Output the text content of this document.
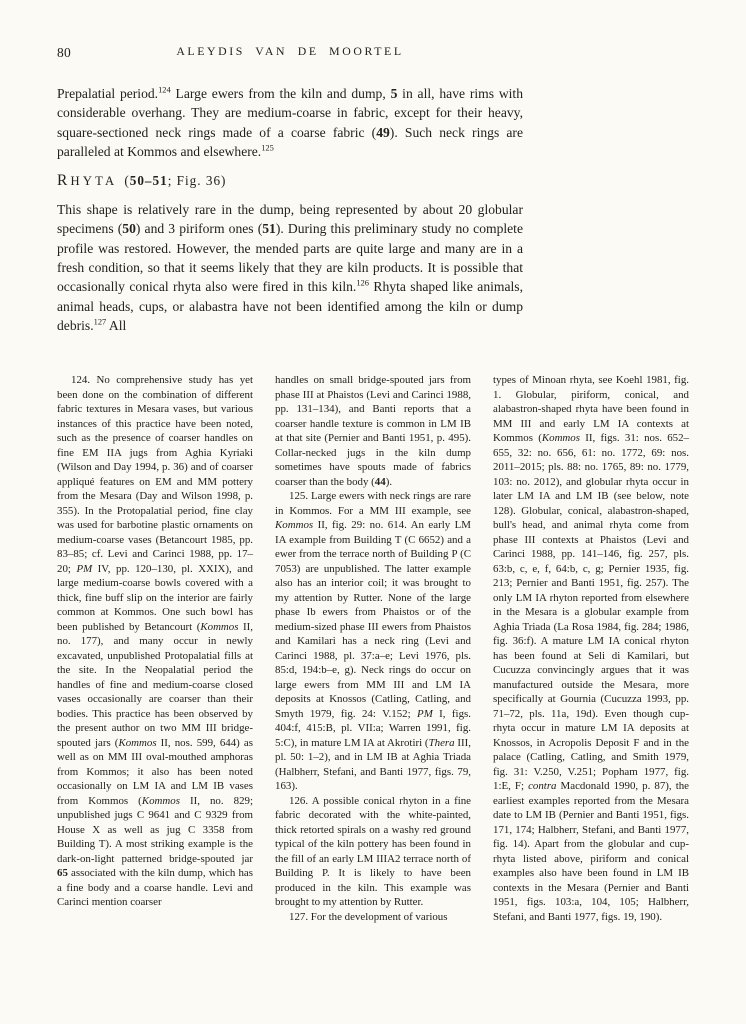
80	ALEYDIS VAN DE MOORTEL

Prepalatial period.$^{124}$ Large ewers from the kiln and dump, 5 in all, have rims with considerable overhang. They are medium-coarse in fabric, except for their heavy, square-sectioned neck rings made of a coarse fabric (49). Such neck rings are paralleled at Kommos and elsewhere.$^{125}$

RHYTA (50–51; Fig. 36)

This shape is relatively rare in the dump, being represented by about 20 globular specimens (50) and 3 piriform ones (51). During this preliminary study no complete profile was restored. However, the mended parts are quite large and many are in a fresh condition, so that it seems likely that they are kiln products. It is possible that occasionally conical rhyta also were fired in this kiln.$^{126}$ Rhyta shaped like animals, animal heads, cups, or alabastra have not been identified among the kiln or dump debris.$^{127}$ All

124. No comprehensive study has yet been done on the combination of different fabric textures in Mesara vases, but various instances of this practice have been noted, such as the presence of coarser handles on fine EM IIA jugs from Aghia Kyriaki (Wilson and Day 1994, p. 36) and of coarser appliqué features on EM and MM pottery from the Mesara (Day and Wilson 1998, p. 355). In the Protopalatial period, fine clay was used for barbotine plastic ornaments on medium-coarse vases (Betancourt 1985, pp. 83–85; cf. Levi and Carinci 1988, pp. 17–20; PM IV, pp. 120–130, pl. XXIX), and large medium-coarse bowls covered with a thick, fine buff slip on the interior are fairly common at Kommos. One such bowl has been published by Betancourt (Kommos II, no. 177), and many occur in newly excavated, unpublished Protopalatial fills at the site. In the Neopalatial period the handles of fine and medium-coarse closed vases occasionally are coarser than their bodies. This practice has been observed by the present author on two MM III bridge-spouted jars (Kommos II, nos. 599, 644) as well as on MM III oval-mouthed amphoras from Kommos; it also has been noted occasionally on LM IA and LM IB vases from Kommos (Kommos II, no. 829; unpublished jugs C 9641 and C 9329 from House X as well as jug C 3358 from Building T). A most striking example is the dark-on-light patterned bridge-spouted jar 65 associated with the kiln dump, which has a fine body and a coarse handle. Levi and Carinci mention coarser

handles on small bridge-spouted jars from phase III at Phaistos (Levi and Carinci 1988, pp. 131–134), and Banti reports that a coarser handle texture is common in LM IB at that site (Pernier and Banti 1951, p. 495). Collar-necked jugs in the kiln dump sometimes have spouts made of fabrics coarser than the body (44).

125. Large ewers with neck rings are rare in Kommos. For a MM III example, see Kommos II, fig. 29: no. 614. An early LM IA example from Building T (C 6652) and a ewer from the terrace north of Building P (C 7053) are unpublished. The latter example also has an interior coil; it was brought to my attention by Rutter. None of the large phase Ib ewers from Phaistos or of the medium-sized phase III ewers from Phaistos and Kamilari has a neck ring (Levi and Carinci 1988, pl. 37:a–e; Levi 1976, pls. 85:d, 194:b–e, g). Neck rings do occur on large ewers from MM III and LM IA deposits at Knossos (Catling, Catling, and Smyth 1979, fig. 24: V.152; PM I, figs. 404:f, 415:B, pl. VII:a; Warren 1991, fig. 5:C), in mature LM IA at Akrotiri (Thera III, pl. 50: 1–2), and in LM IB at Aghia Triada (Halbherr, Stefani, and Banti 1977, figs. 79, 163).

126. A possible conical rhyton in a fine fabric decorated with the white-painted, thick retorted spirals on a washy red ground typical of the kiln pottery has been found in the fill of an early LM IIIA2 terrace north of Building P. It is likely to have been produced in the kiln. This example was brought to my attention by Rutter.

127. For the development of various

types of Minoan rhyta, see Koehl 1981, fig. 1. Globular, piriform, conical, and alabastron-shaped rhyta have been found in MM III and early LM IA contexts at Kommos (Kommos II, figs. 31: nos. 652–655, 32: no. 656, 61: no. 1772, 69: nos. 2011–2015; pls. 88: no. 1765, 89: no. 1779, 103: no. 2012), and globular rhyta occur in later LM IA and LM IB (see below, note 128). Globular, conical, alabastron-shaped, bull's head, and animal rhyta come from phase III contexts at Phaistos (Levi and Carinci 1988, pp. 141–146, fig. 257, pls. 63:b, c, e, f, 64:b, c, g; Pernier 1935, fig. 213; Pernier and Banti 1951, fig. 257). The only LM IA rhyton reported from elsewhere in the Mesara is a globular example from Aghia Triada (La Rosa 1984, fig. 284; 1986, fig. 36:f). A mature LM IA conical rhyton has been found at Seli di Kamilari, but Cucuzza convincingly argues that it was manufactured outside the Mesara, more specifically at Gournia (Cucuzza 1993, pp. 71–72, pls. 11a, 19d). Even though cup-rhyta occur in mature LM IA deposits at Knossos, in Acropolis Deposit F and in the palace (Catling, Catling, and Smith 1979, fig. 31: V.250, V.251; Popham 1977, fig. 1:E, F; contra Macdonald 1990, p. 87), the earliest examples reported from the Mesara date to LM IB (Pernier and Banti 1951, figs. 171, 174; Halbherr, Stefani, and Banti 1977, fig. 14). Apart from the globular and cup-rhyta listed above, piriform and conical examples also have been found in LM IB contexts in the Mesara (Pernier and Banti 1951, figs. 103:a, 104, 105; Halbherr, Stefani, and Banti 1977, figs. 19, 190).
